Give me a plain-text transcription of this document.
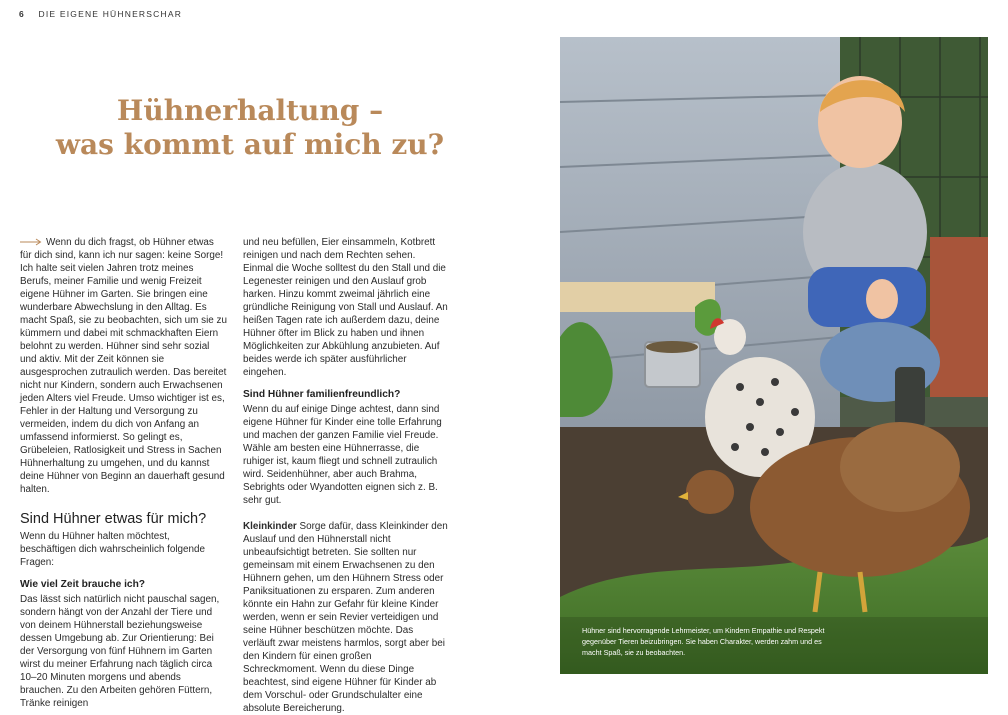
6 DIE EIGENE HÜHNERSCHAR
Hühnerhaltung –
was kommt auf mich zu?

Wenn du dich fragst, ob Hühner etwas für dich sind, kann ich nur sagen: keine Sorge! Ich halte seit vielen Jahren trotz meines Berufs, meiner Familie und wenig Freizeit eigene Hühner im Garten. Sie bringen eine wunderbare Abwechslung in den Alltag. Es macht Spaß, sie zu beobachten, sich um sie zu kümmern und dabei mit schmackhaften Eiern belohnt zu werden. Hühner sind sehr sozial und aktiv. Mit der Zeit können sie ausgesprochen zutraulich werden. Das bereitet nicht nur Kindern, sondern auch Erwachsenen jeden Alters viel Freude. Umso wichtiger ist es, Fehler in der Haltung und Versorgung zu vermeiden, indem du dich von Anfang an umfassend informierst. So gelingt es, Grübeleien, Ratlosigkeit und Stress in Sachen Hühnerhaltung zu umgehen, und du kannst deine Hühner von Beginn an dauerhaft gesund halten.

Sind Hühner etwas für mich?

Wenn du Hühner halten möchtest, beschäftigen dich wahrscheinlich folgende Fragen:

Wie viel Zeit brauche ich?

Das lässt sich natürlich nicht pauschal sagen, sondern hängt von der Anzahl der Tiere und von deinem Hühnerstall beziehungsweise dessen Umgebung ab. Zur Orientierung: Bei der Versorgung von fünf Hühnern im Garten wirst du meiner Erfahrung nach täglich circa 10–20 Minuten morgens und abends brauchen. Zu den Arbeiten gehören Füttern, Tränke reinigen

und neu befüllen, Eier einsammeln, Kotbrett reinigen und nach dem Rechten sehen. Einmal die Woche solltest du den Stall und die Legenester reinigen und den Auslauf grob harken. Hinzu kommt zweimal jährlich eine gründliche Reinigung von Stall und Auslauf. An heißen Tagen rate ich außerdem dazu, deine Hühner öfter im Blick zu haben und ihnen Möglichkeiten zur Abkühlung anzubieten. Auf beides werde ich später ausführlicher eingehen.

Sind Hühner familienfreundlich?

Wenn du auf einige Dinge achtest, dann sind eigene Hühner für Kinder eine tolle Erfahrung und machen der ganzen Familie viel Freude. Wähle am besten eine Hühnerrasse, die ruhiger ist, kaum fliegt und schnell zutraulich wird. Seidenhühner, aber auch Brahma, Sebrights oder Wyandotten eignen sich z. B. sehr gut.

Kleinkinder Sorge dafür, dass Kleinkinder den Auslauf und den Hühnerstall nicht unbeaufsichtigt betreten. Sie sollten nur gemeinsam mit einem Erwachsenen zu den Hühnern gehen, um den Hühnern Stress oder Paniksituationen zu ersparen. Zum anderen könnte ein Hahn zur Gefahr für kleine Kinder werden, wenn er sein Revier verteidigen und seine Hühner beschützen möchte. Das verläuft zwar meistens harmlos, sorgt aber bei den Kindern für einen großen Schreckmoment. Wenn du diese Dinge beachtest, sind eigene Hühner für Kinder ab dem Vorschul- oder Grundschulalter eine absolute Bereicherung.

Hühner sind hervorragende Lehrmeister, um Kindern Empathie und Respekt gegenüber Tieren beizubringen. Sie haben Charakter, werden zahm und es macht Spaß, sie zu beobachten.
